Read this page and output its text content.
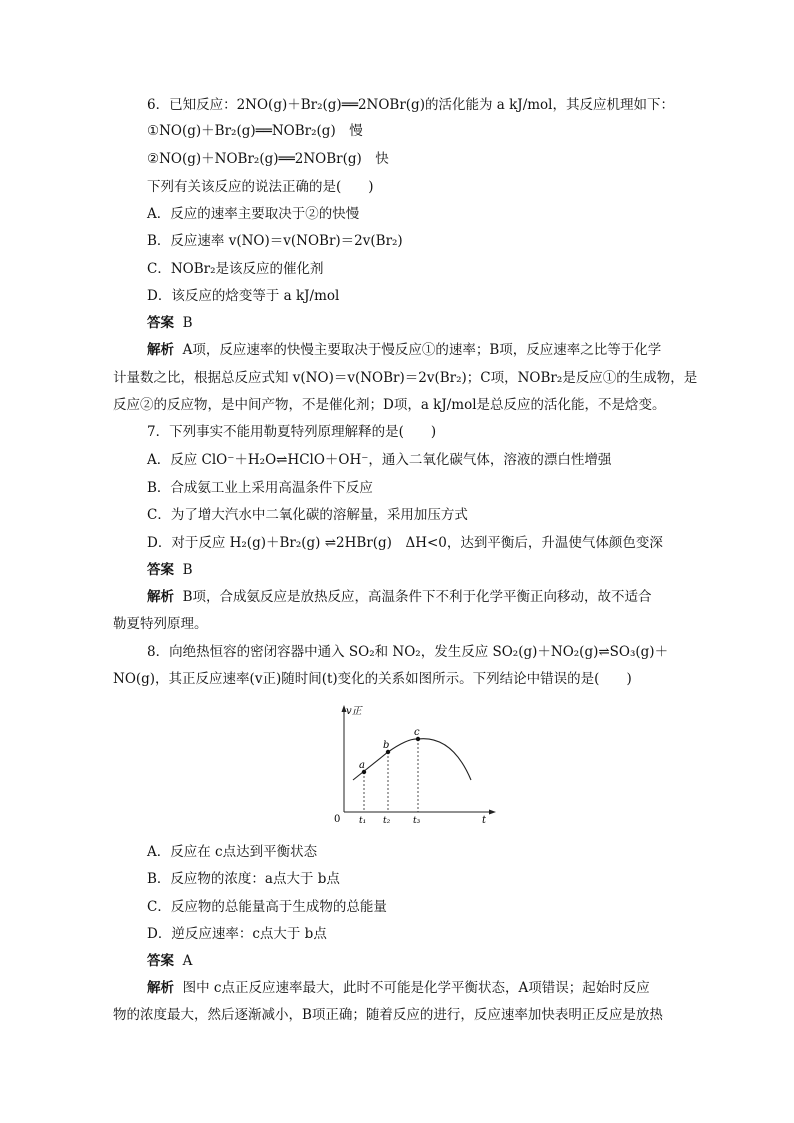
6．已知反应：2NO(g)＋Br₂(g)══2NOBr(g)的活化能为 a kJ/mol，其反应机理如下：
①NO(g)＋Br₂(g)══NOBr₂(g)　慢
②NO(g)＋NOBr₂(g)══2NOBr(g)　快
下列有关该反应的说法正确的是(　　)
A．反应的速率主要取决于②的快慢
B．反应速率 v(NO)＝v(NOBr)＝2v(Br₂)
C．NOBr₂是该反应的催化剂
D．该反应的焓变等于 a kJ/mol
答案 B
解析 A项，反应速率的快慢主要取决于慢反应①的速率；B项，反应速率之比等于化学
计量数之比，根据总反应式知 v(NO)＝v(NOBr)＝2v(Br₂)；C项，NOBr₂是反应①的生成物，是
反应②的反应物，是中间产物，不是催化剂；D项，a kJ/mol是总反应的活化能，不是焓变。
7．下列事实不能用勒夏特列原理解释的是(　　)
A．反应 ClO⁻＋H₂O⇌HClO＋OH⁻，通入二氧化碳气体，溶液的漂白性增强
B．合成氨工业上采用高温条件下反应
C．为了增大汽水中二氧化碳的溶解量，采用加压方式
D．对于反应 H₂(g)＋Br₂(g) ⇌2HBr(g)　ΔH<0，达到平衡后，升温使气体颜色变深
答案 B
解析 B项，合成氨反应是放热反应，高温条件下不利于化学平衡正向移动，故不适合
勒夏特列原理。
8．向绝热恒容的密闭容器中通入 SO₂和 NO₂，发生反应 SO₂(g)＋NO₂(g)⇌SO₃(g)＋
NO(g)，其正反应速率(v正)随时间(t)变化的关系如图所示。下列结论中错误的是(　　)
v正
0	t
a
b
c
t₁ t₂	t₃
A．反应在 c点达到平衡状态
B．反应物的浓度：a点大于 b点
C．反应物的总能量高于生成物的总能量
D．逆反应速率：c点大于 b点
答案 A
解析 图中 c点正反应速率最大，此时不可能是化学平衡状态，A项错误；起始时反应
物的浓度最大，然后逐渐减小，B项正确；随着反应的进行，反应速率加快表明正反应是放热
